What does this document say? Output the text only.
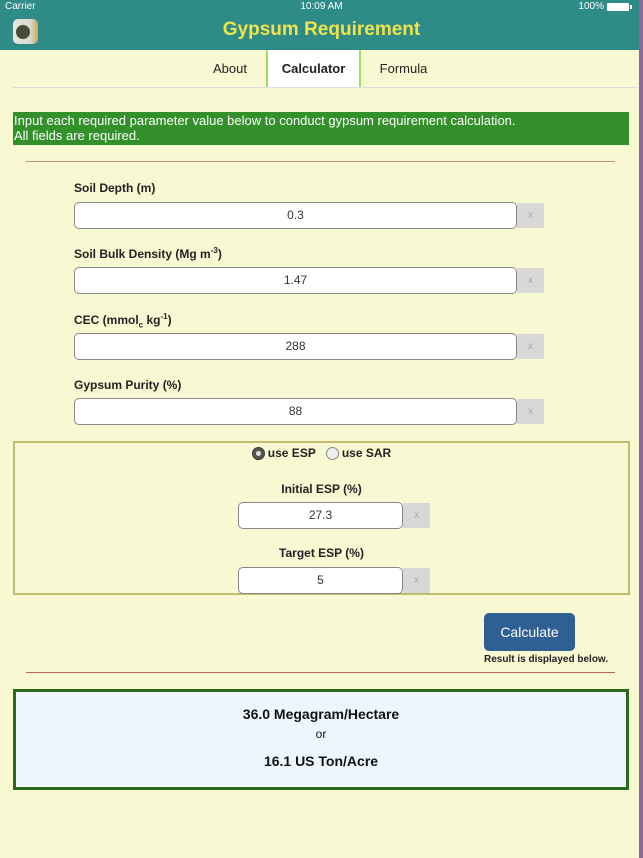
Carrier	10:09 AM	100%
Gypsum Requirement
About	Calculator	Formula
Input each required parameter value below to conduct gypsum requirement calculation.
All fields are required.
Soil Depth (m)
0.3	x
Soil Bulk Density (Mg $m^{-3}$)
1.47	x
CEC (mmol$_c$ $kg^{-1}$)
288	x
Gypsum Purity (%)
88	x
use ESP use SAR
Initial ESP (%)
27.3	x
Target ESP (%)
5	x
Calculate
Result is displayed below.
36.0 Megagram/Hectare
or
16.1 US Ton/Acre
